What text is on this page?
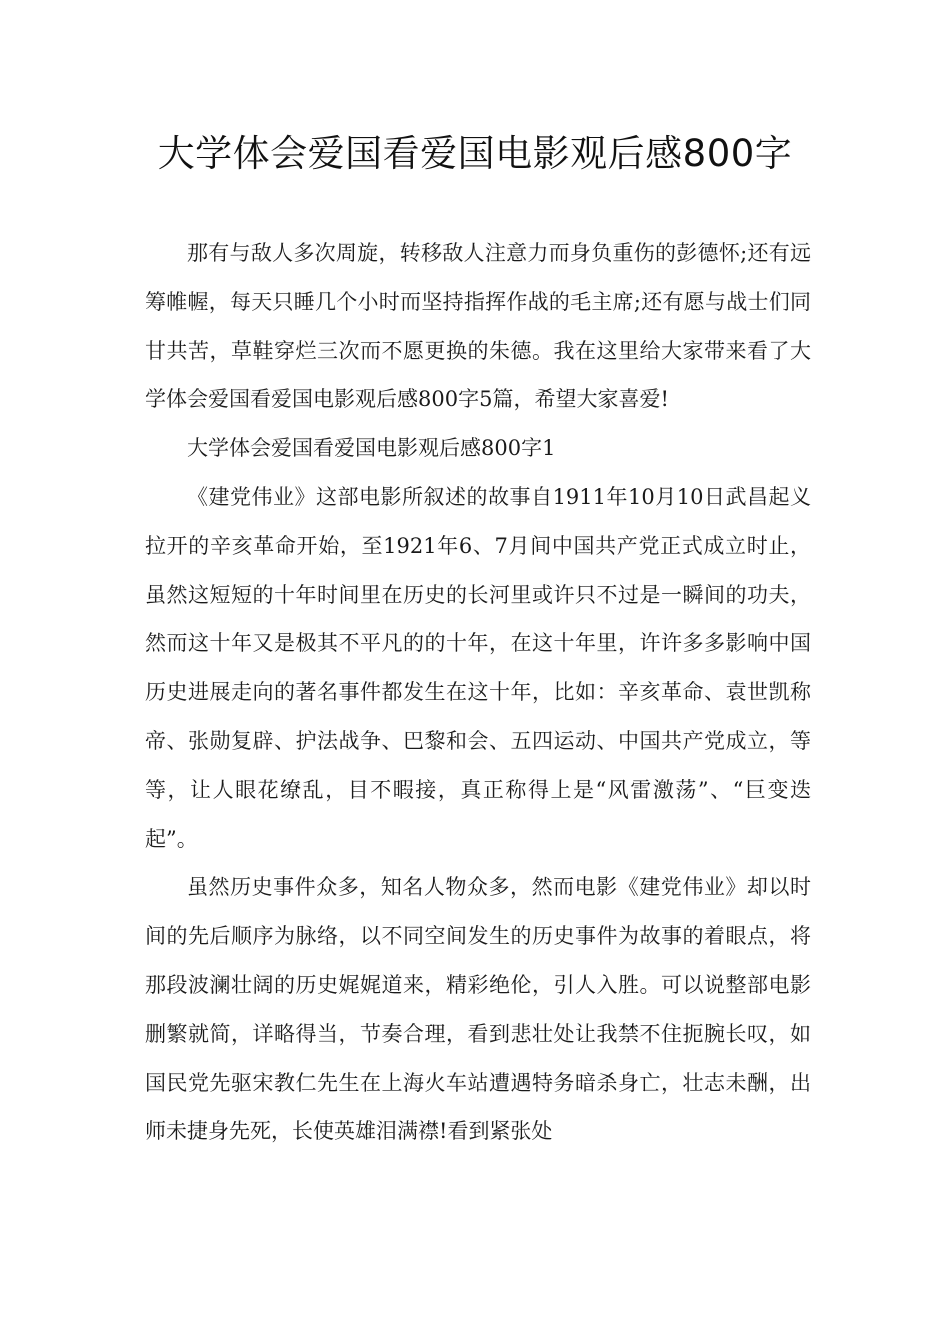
大学体会爱国看爱国电影观后感800字

那有与敌人多次周旋，转移敌人注意力而身负重伤的彭德怀;还有远筹帷幄，每天只睡几个小时而坚持指挥作战的毛主席;还有愿与战士们同甘共苦，草鞋穿烂三次而不愿更换的朱德。我在这里给大家带来看了大学体会爱国看爱国电影观后感800字5篇，希望大家喜爱!

大学体会爱国看爱国电影观后感800字1

《建党伟业》这部电影所叙述的故事自1911年10月10日武昌起义拉开的辛亥革命开始，至1921年6、7月间中国共产党正式成立时止，虽然这短短的十年时间里在历史的长河里或许只不过是一瞬间的功夫，然而这十年又是极其不平凡的的十年，在这十年里，许许多多影响中国历史进展走向的著名事件都发生在这十年，比如：辛亥革命、袁世凯称帝、张勋复辟、护法战争、巴黎和会、五四运动、中国共产党成立，等等，让人眼花缭乱，目不暇接，真正称得上是“风雷激荡”、“巨变迭起”。

虽然历史事件众多，知名人物众多，然而电影《建党伟业》却以时间的先后顺序为脉络，以不同空间发生的历史事件为故事的着眼点，将那段波澜壮阔的历史娓娓道来，精彩绝伦，引人入胜。可以说整部电影删繁就简，详略得当，节奏合理，看到悲壮处让我禁不住扼腕长叹，如国民党先驱宋教仁先生在上海火车站遭遇特务暗杀身亡，壮志未酬，出师未捷身先死，长使英雄泪满襟!看到紧张处
